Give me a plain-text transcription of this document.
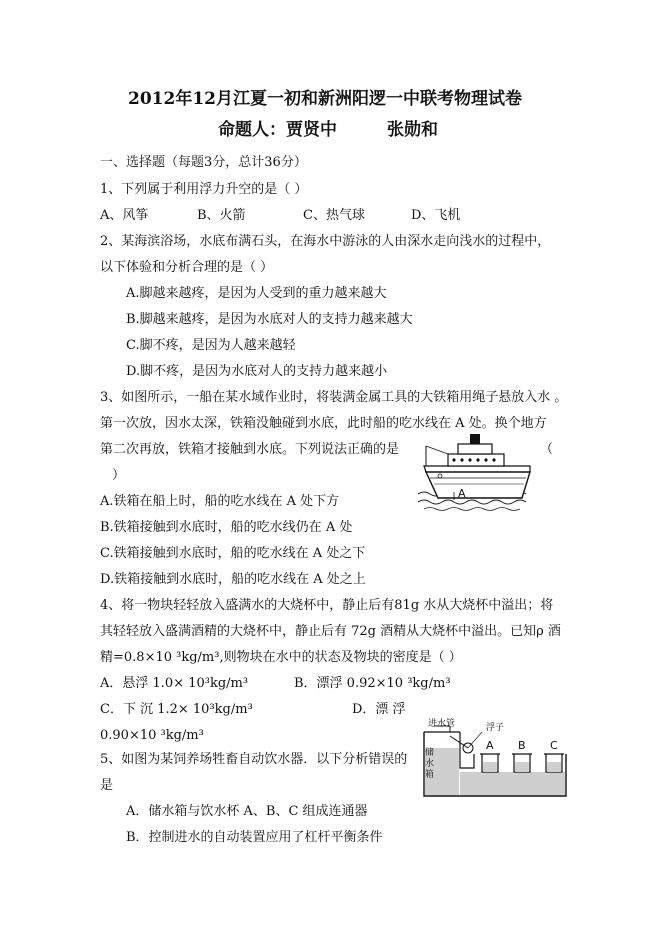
2012年12月江夏一初和新洲阳逻一中联考物理试卷
命题人：贾贤中	张勋和
一、选择题（每题3分，总计36分）
1、下列属于利用浮力升空的是（ ）
A、风筝	B、火箭	C、热气球	D、飞机
2、某海滨浴场，水底布满石头，在海水中游泳的人由深水走向浅水的过程中，
以下体验和分析合理的是（ ）
A.脚越来越疼，是因为人受到的重力越来越大
B.脚越来越疼，是因为水底对人的支持力越来越大
C.脚不疼，是因为人越来越轻
D.脚不疼，是因为水底对人的支持力越来越小
3、如图所示，一船在某水域作业时，将装满金属工具的大铁箱用绳子悬放入水 。
第一次放，因水太深，铁箱没触碰到水底，此时船的吃水线在 A 处。换个地方
第二次再放，铁箱才接触到水底。下列说法正确的是	（
）
A.铁箱在船上时，船的吃水线在 A 处下方
B.铁箱接触到水底时，船的吃水线仍在 A 处
C.铁箱接触到水底时，船的吃水线在 A 处之下
D.铁箱接触到水底时，船的吃水线在 A 处之上
A
4、将一物块轻轻放入盛满水的大烧杯中，静止后有81g 水从大烧杯中溢出；将
其轻轻放入盛满酒精的大烧杯中，静止后有 72g 酒精从大烧杯中溢出。已知ρ 酒
精=0.8×10 ³kg/m³,则物块在水中的状态及物块的密度是（ ）
A．悬浮 1.0× 10³kg/m³	B．漂浮 0.92×10 ³kg/m³
C．下 沉 1.2× 10³kg/m³	D．漂 浮
0.90×10 ³kg/m³
5、如图为某饲养场牲畜自动饮水器．以下分析错误的
是
A．储水箱与饮水杯 A、B、C 组成连通器
B．控制进水的自动装置应用了杠杆平衡条件
进水管	浮子
储水箱
A B C
